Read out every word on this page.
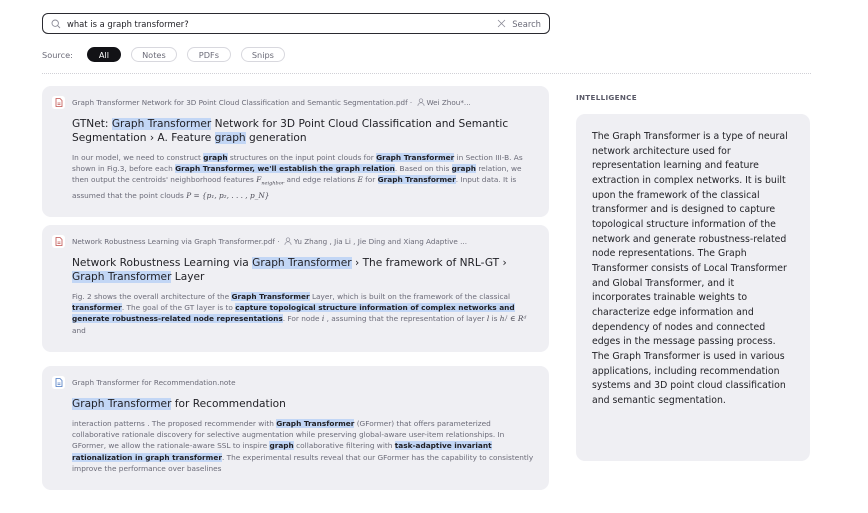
what is a graph transformer?
Search
Source:	All	Notes	PDFs	Snips
Graph Transformer Network for 3D Point Cloud Classification and Semantic Segmentation.pdf · Wei Zhou*...
GTNet: Graph Transformer Network for 3D Point Cloud Classification and Semantic Segmentation › A. Feature graph generation
In our model, we need to construct graph structures on the input point clouds for Graph Transformer in Section III-B. As shown in Fig.3, before each Graph Transformer, we'll establish the graph relation. Based on this graph relation, we then output the centroids' neighborhood features $F_{neighbor}$ and edge relations E for Graph Transformer. Input data. It is assumed that the point clouds P = {p₁, p₂, . . . , p_N}
Network Robustness Learning via Graph Transformer.pdf · Yu Zhang , Jia Li , Jie Ding and Xiang Adaptive ...
Network Robustness Learning via Graph Transformer › The framework of NRL-GT › Graph Transformer Layer
Fig. 2 shows the overall architecture of the Graph Transformer Layer, which is built on the framework of the classical transformer. The goal of the GT layer is to capture topological structure information of complex networks and generate robustness-related node representations. For node i , assuming that the representation of layer l is hᵢˡ ∈ Rᵈ and
Graph Transformer for Recommendation.note
Graph Transformer for Recommendation
interaction patterns . The proposed recommender with Graph Transformer (GFormer) that offers parameterized collaborative rationale discovery for selective augmentation while preserving global-aware user-item relationships. In GFormer, we allow the rationale-aware SSL to inspire graph collaborative filtering with task-adaptive invariant rationalization in graph transformer. The experimental results reveal that our GFormer has the capability to consistently improve the performance over baselines
INTELLIGENCE

The Graph Transformer is a type of neural network architecture used for representation learning and feature extraction in complex networks. It is built upon the framework of the classical transformer and is designed to capture topological structure information of the network and generate robustness-related node representations. The Graph Transformer consists of Local Transformer and Global Transformer, and it incorporates trainable weights to characterize edge information and dependency of nodes and connected edges in the message passing process. The Graph Transformer is used in various applications, including recommendation systems and 3D point cloud classification and semantic segmentation.
